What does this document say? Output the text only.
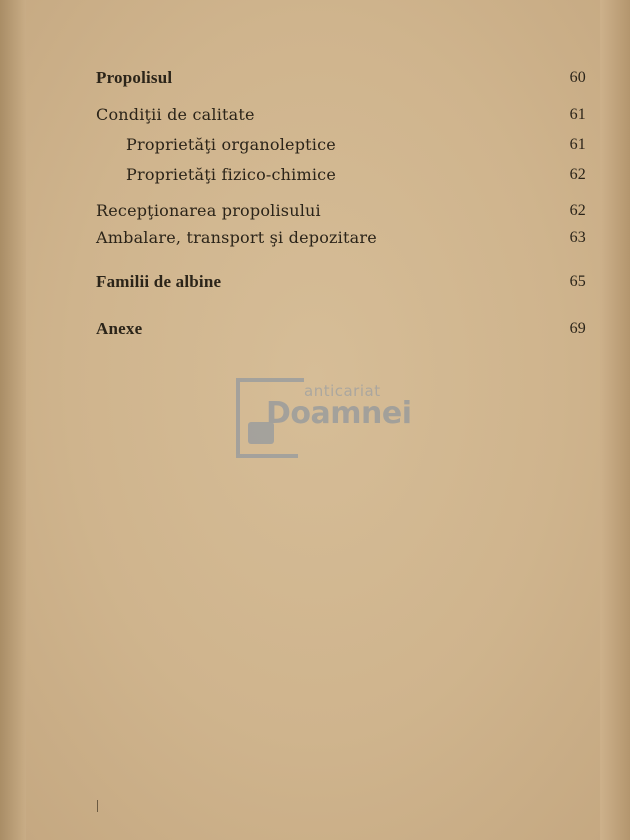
Propolisul	60
Condiţii de calitate	61
Proprietăţi organoleptice	61
Proprietăţi fizico-chimice	62
Recepţionarea propolisului	62
Ambalare, transport şi depozitare	63
Familii de albine	65
Anexe	69
anticariat
Doamnei
